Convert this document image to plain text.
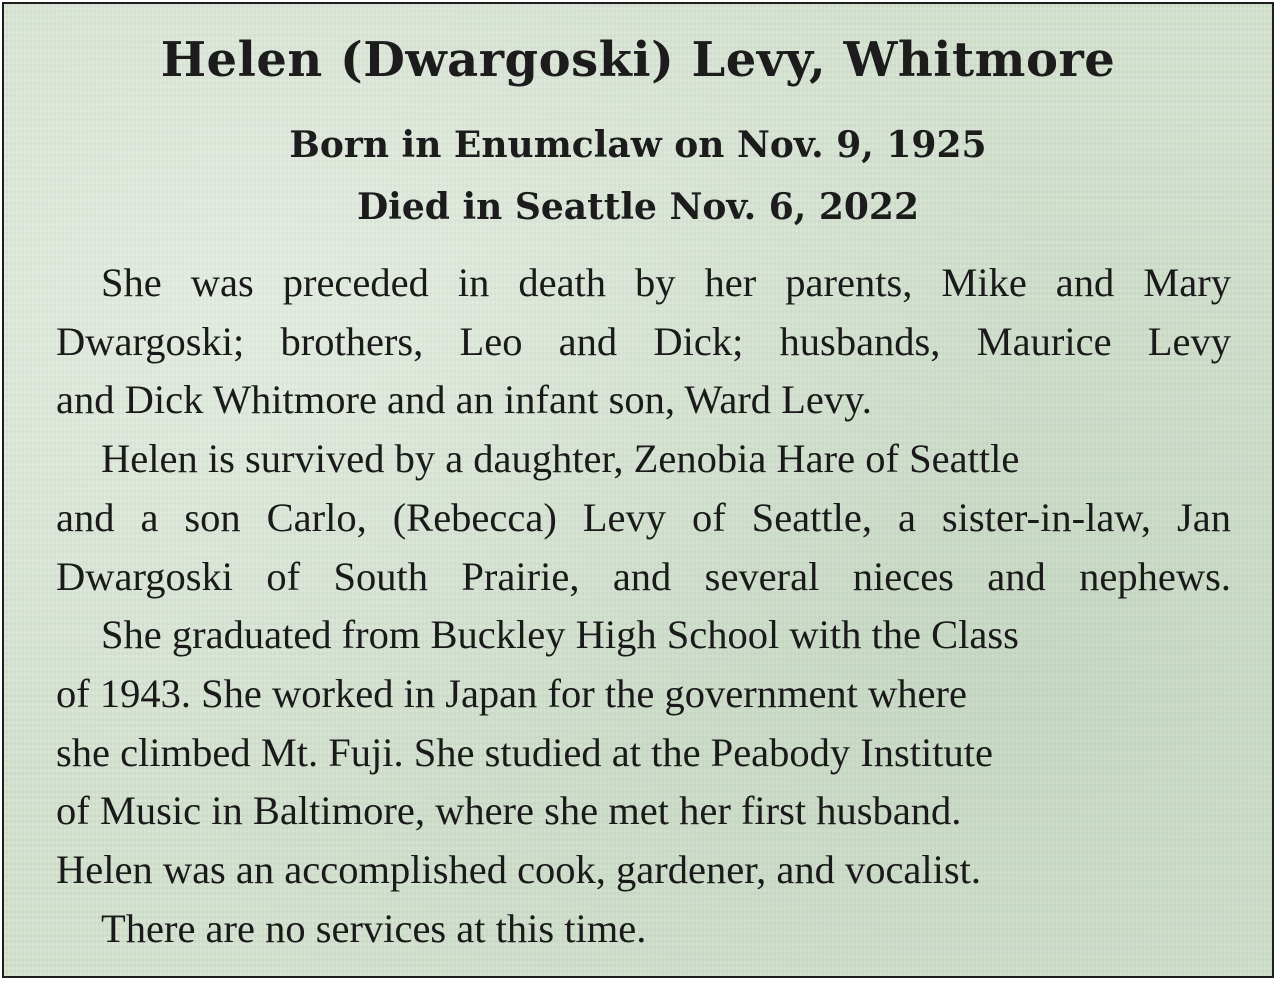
Helen (Dwargoski) Levy, Whitmore
Born in Enumclaw on Nov. 9, 1925
Died in Seattle Nov. 6, 2022
She was preceded in death by her parents, Mike and Mary
Dwargoski; brothers, Leo and Dick; husbands, Maurice Levy
and Dick Whitmore and an infant son, Ward Levy.
Helen is survived by a daughter, Zenobia Hare of Seattle
and a son Carlo, (Rebecca) Levy of Seattle, a sister-in-law, Jan
Dwargoski of South Prairie, and several nieces and nephews.
She graduated from Buckley High School with the Class
of 1943. She worked in Japan for the government where
she climbed Mt. Fuji. She studied at the Peabody Institute
of Music in Baltimore, where she met her first husband.
Helen was an accomplished cook, gardener, and vocalist.
There are no services at this time.
